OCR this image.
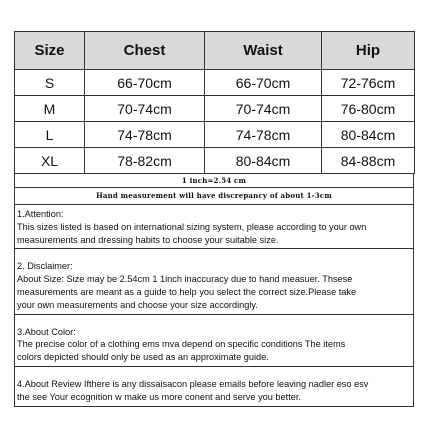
Size	Chest	Waist	Hip
S	66-70cm	66-70cm	72-76cm
M	70-74cm	70-74cm	76-80cm
L	74-78cm	74-78cm	80-84cm
XL	78-82cm	80-84cm	84-88cm
1 inch=2.54 cm
Hand measurement will have discrepancy of about 1-3cm

1.Attention:

This sizes listed is based on international sizing system, please according to your own

measurements and dressing habits to choose your suitable size.

2. Disclaimer:

About Size: Size may be 2.54cm 1 1inch inaccuracy due to hand measuer. Thsese

measurements are meant as a guide to help you select the correct size.Please take

your own measurements and choose your size accordingly.

3.About Color:

The precise color of a clothing ems mva depend on specific conditions The items

colors depicted should only be used as an approximate guide.

4.About Review Ifthere is any dissaisacon please emails before leaving nadler eso esv

the see Your ecognition w make us more conent and serve you better.
